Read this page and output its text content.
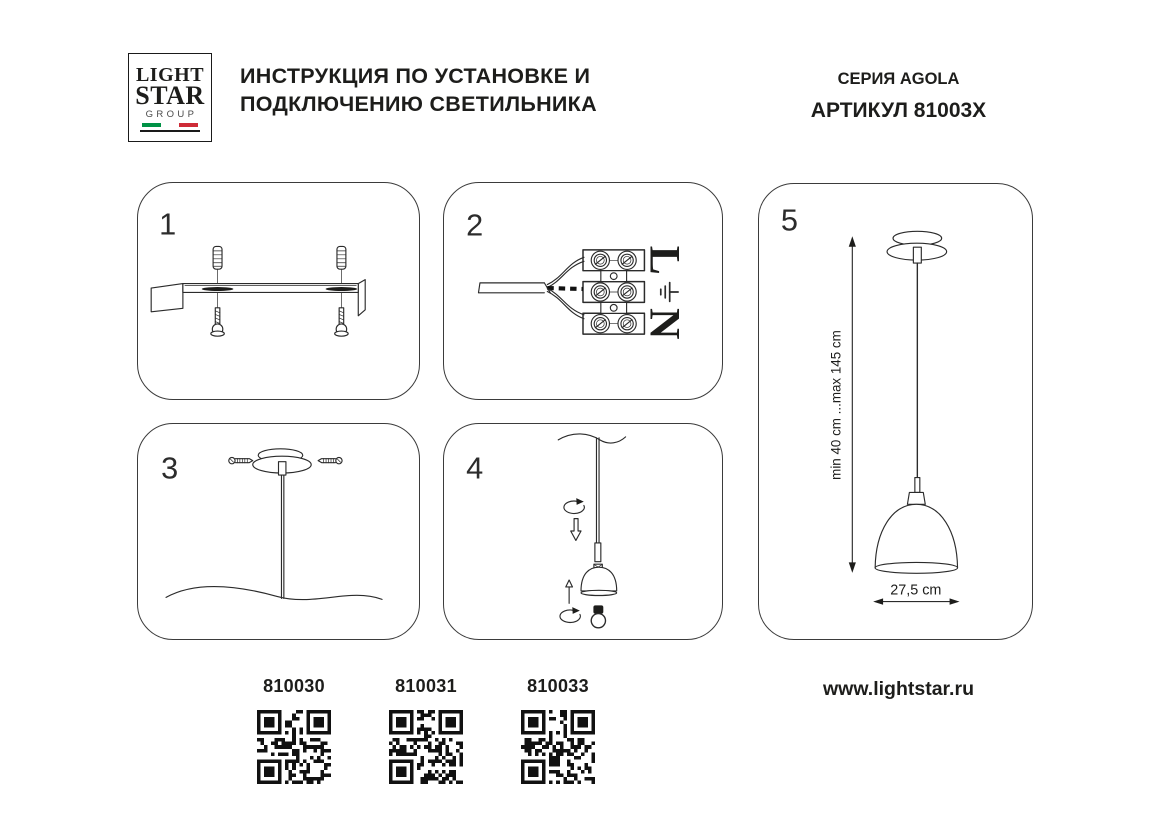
LIGHT
STAR
GROUP
ИНСТРУКЦИЯ ПО УСТАНОВКЕ И
ПОДКЛЮЧЕНИЮ СВЕТИЛЬНИКА
СЕРИЯ AGOLA
АРТИКУЛ 81003X
1	2
L
N
3	4
5
min 40 cm ...max 145 cm
27,5 cm
810030	810031	810033	www.lightstar.ru
